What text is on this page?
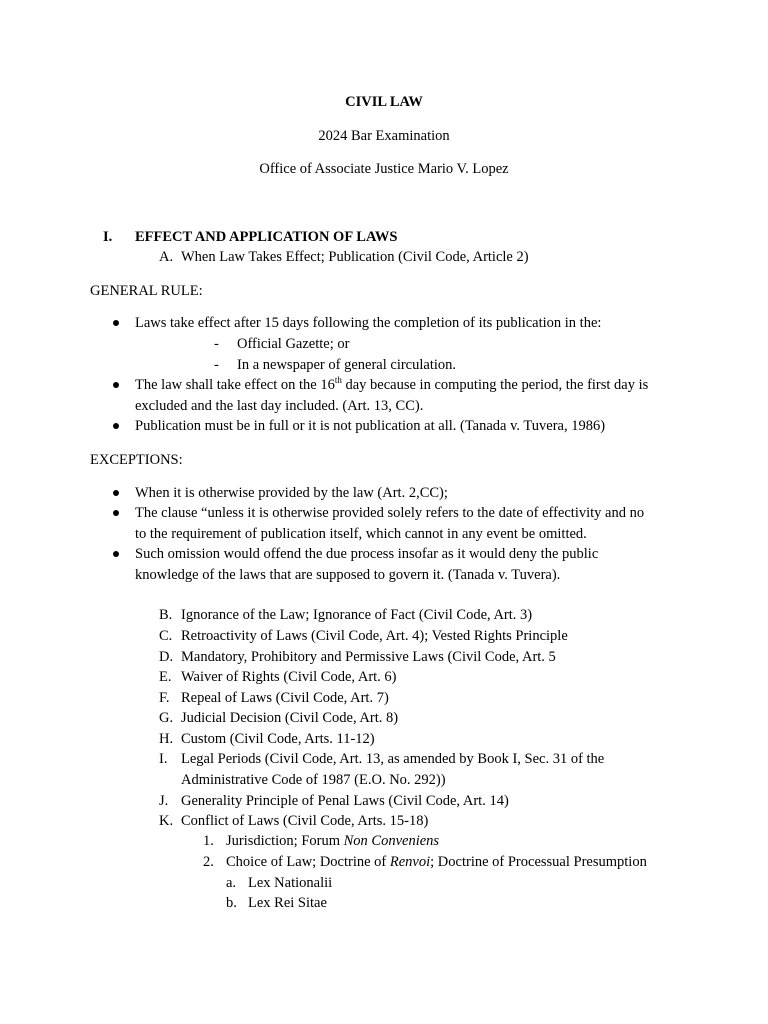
CIVIL LAW
2024 Bar Examination
Office of Associate Justice Mario V. Lopez
I. EFFECT AND APPLICATION OF LAWS
A. When Law Takes Effect; Publication (Civil Code, Article 2)
GENERAL RULE:
Laws take effect after 15 days following the completion of its publication in the:
- Official Gazette; or
- In a newspaper of general circulation.
The law shall take effect on the 16th day because in computing the period, the first day is
excluded and the last day included. (Art. 13, CC).
Publication must be in full or it is not publication at all. (Tanada v. Tuvera, 1986)
EXCEPTIONS:
When it is otherwise provided by the law (Art. 2,CC);
The clause “unless it is otherwise provided solely refers to the date of effectivity and no
to the requirement of publication itself, which cannot in any event be omitted.
Such omission would offend the due process insofar as it would deny the public
knowledge of the laws that are supposed to govern it. (Tanada v. Tuvera).
B. Ignorance of the Law; Ignorance of Fact (Civil Code, Art. 3)
C. Retroactivity of Laws (Civil Code, Art. 4); Vested Rights Principle
D. Mandatory, Prohibitory and Permissive Laws (Civil Code, Art. 5
E. Waiver of Rights (Civil Code, Art. 6)
F. Repeal of Laws (Civil Code, Art. 7)
G. Judicial Decision (Civil Code, Art. 8)
H. Custom (Civil Code, Arts. 11-12)
I. Legal Periods (Civil Code, Art. 13, as amended by Book I, Sec. 31 of the
Administrative Code of 1987 (E.O. No. 292))
J. Generality Principle of Penal Laws (Civil Code, Art. 14)
K. Conflict of Laws (Civil Code, Arts. 15-18)
1. Jurisdiction; Forum Non Conveniens
2. Choice of Law; Doctrine of Renvoi; Doctrine of Processual Presumption
a. Lex Nationalii
b. Lex Rei Sitae
